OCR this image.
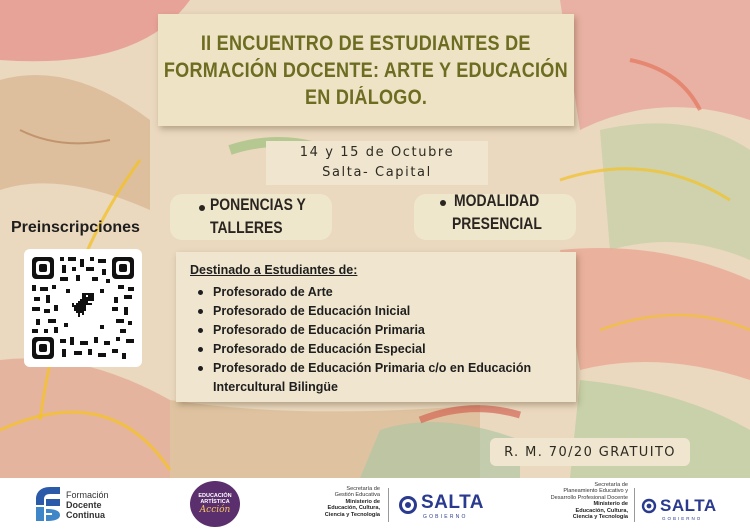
II ENCUENTRO DE ESTUDIANTES DE
FORMACIÓN DOCENTE: ARTE Y EDUCACIÓN
EN DIÁLOGO.
14 y 15 de Octubre
Salta- Capital
PONENCIAS Y
TALLERES
MODALIDAD
PRESENCIAL
Preinscripciones
Destinado a Estudiantes de:
Profesorado de Arte
Profesorado de Educación Inicial
Profesorado de Educación Primaria
Profesorado de Educación Especial
Profesorado de Educación Primaria c/o en Educación
Intercultural Bilingüe
R. M. 70/20 GRATUITO
Formación
Docente
Continua
EDUCACIÓN
ARTÍSTICA
Acción
Secretaría de
Gestión Educativa
Ministerio de
Educación, Cultura,
Ciencia y Tecnología
SALTA
GOBIERNO
Secretaría de
Planeamiento Educativo y
Desarrollo Profesional Docente
Ministerio de
Educación, Cultura,
Ciencia y Tecnología
SALTA
GOBIERNO
